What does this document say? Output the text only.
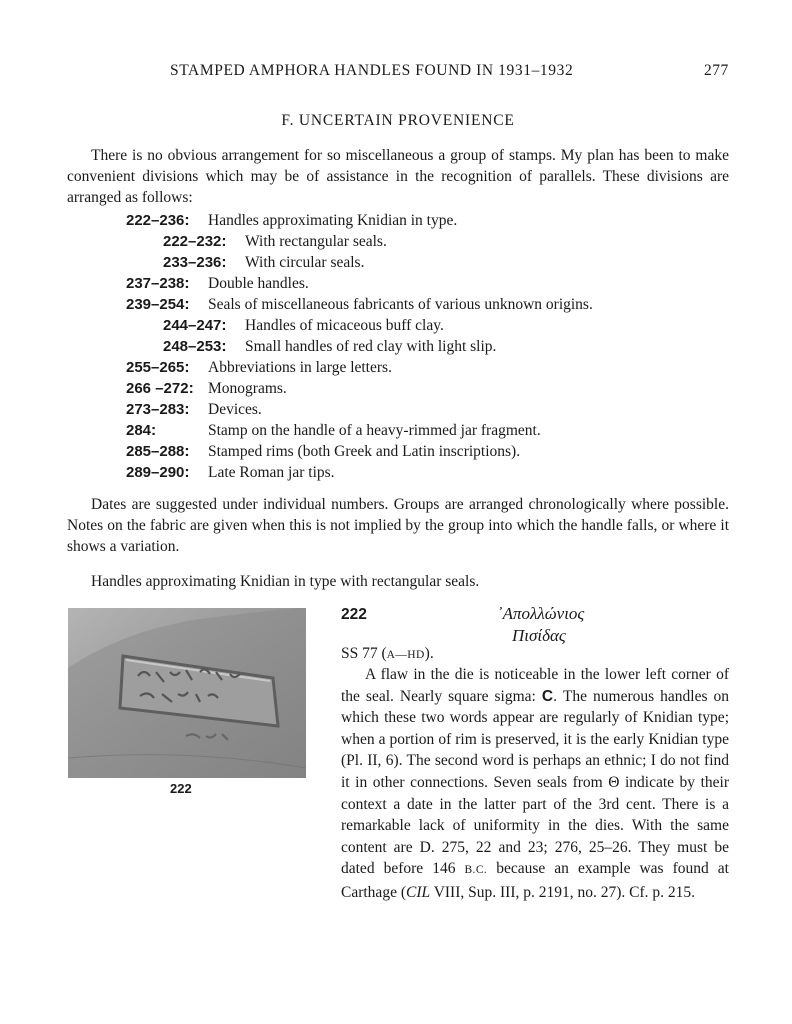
STAMPED AMPHORA HANDLES FOUND IN 1931–1932	277
F. UNCERTAIN PROVENIENCE

There is no obvious arrangement for so miscellaneous a group of stamps. My plan has been to make convenient divisions which may be of assistance in the recognition of parallels. These divisions are arranged as follows:

222–236: Handles approximating Knidian in type.
222–232: With rectangular seals.
233–236: With circular seals.
237–238: Double handles.
239–254: Seals of miscellaneous fabricants of various unknown origins.
244–247: Handles of micaceous buff clay.
248–253: Small handles of red clay with light slip.
255–265: Abbreviations in large letters.
266 –272: Monograms.
273–283: Devices.
284:	Stamp on the handle of a heavy-rimmed jar fragment.
285–288: Stamped rims (both Greek and Latin inscriptions).
289–290: Late Roman jar tips.

Dates are suggested under individual numbers. Groups are arranged chronologically where possible. Notes on the fabric are given when this is not implied by the group into which the handle falls, or where it shows a variation.

Handles approximating Knidian in type with rectangular seals.

222
222	᾿Απολλώνιος
Πισίδας
SS 77 (A—HD).

A flaw in the die is noticeable in the lower left corner of the seal. Nearly square sigma: Ϲ. The numerous handles on which these two words appear are regularly of Knidian type; when a portion of rim is preserved, it is the early Knidian type (Pl. II, 6). The second word is perhaps an ethnic; I do not find it in other connections. Seven seals from Θ indicate by their context a date in the latter part of the 3rd cent. There is a remarkable lack of uniformity in the dies. With the same content are D. 275, 22 and 23; 276, 25–26. They must be dated before 146 B.C. because an example was found at Carthage (CIL VIII, Sup. III, p. 2191, no. 27). Cf. p. 215.
